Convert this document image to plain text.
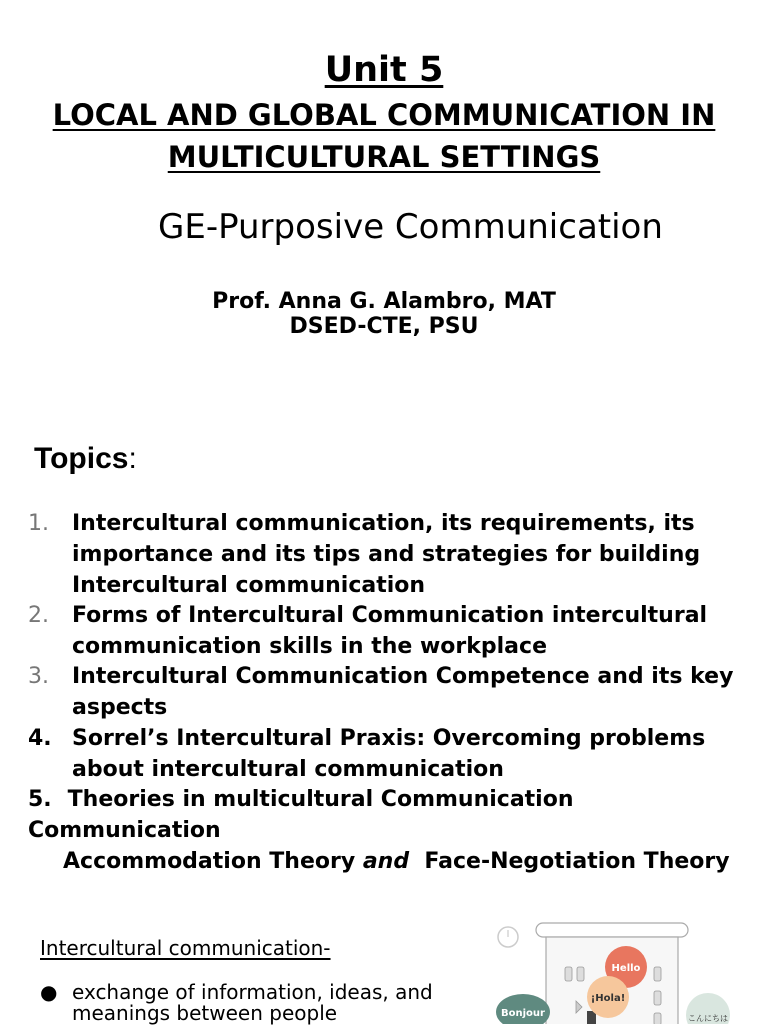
Unit 5
LOCAL AND GLOBAL COMMUNICATION IN
MULTICULTURAL SETTINGS
GE-Purposive Communication
Prof. Anna G. Alambro, MAT
DSED-CTE, PSU
Topics:
1.	Intercultural communication, its requirements, its importance and its tips and strategies for building Intercultural communication
2.	Forms of Intercultural Communication intercultural communication skills in the workplace
3.	Intercultural Communication Competence and its key aspects
4. Sorrel’s Intercultural Praxis: Overcoming problems about intercultural communication
5. Theories in multicultural Communication Communication
Accommodation Theory and  Face-Negotiation Theory
Intercultural communication-
● exchange of information, ideas, and meanings between people
Hello
¡Hola!
Bonjour	こんにちは
